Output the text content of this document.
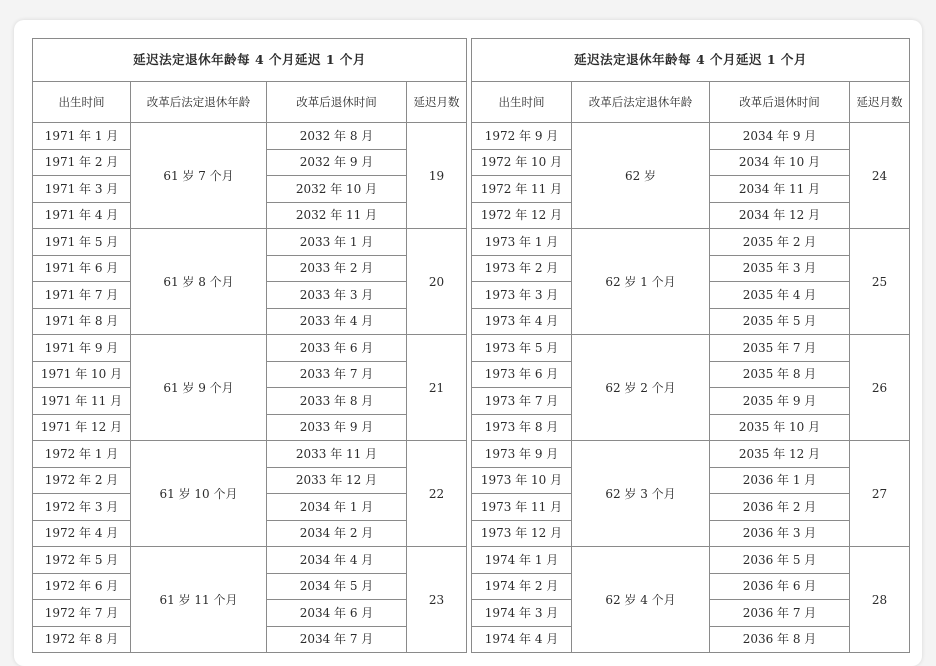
延迟法定退休年龄每 4 个月延迟 1 个月			
出生时间	改革后法定退休年龄	改革后退休时间	延迟月数
1971 年 1 月	61 岁 7 个月	2032 年 8 月	19
1971 年 2 月		2032 年 9 月	
1971 年 3 月		2032 年 10 月	
1971 年 4 月		2032 年 11 月	
1971 年 5 月	61 岁 8 个月	2033 年 1 月	20
1971 年 6 月		2033 年 2 月	
1971 年 7 月		2033 年 3 月	
1971 年 8 月		2033 年 4 月	
1971 年 9 月	61 岁 9 个月	2033 年 6 月	21
1971 年 10 月		2033 年 7 月	
1971 年 11 月		2033 年 8 月	
1971 年 12 月		2033 年 9 月	
1972 年 1 月	61 岁 10 个月	2033 年 11 月	22
1972 年 2 月		2033 年 12 月	
1972 年 3 月		2034 年 1 月	
1972 年 4 月		2034 年 2 月	
1972 年 5 月	61 岁 11 个月	2034 年 4 月	23
1972 年 6 月		2034 年 5 月	
1972 年 7 月		2034 年 6 月	
1972 年 8 月		2034 年 7 月	
延迟法定退休年龄每 4 个月延迟 1 个月			
出生时间	改革后法定退休年龄	改革后退休时间	延迟月数
1972 年 9 月	62 岁	2034 年 9 月	24
1972 年 10 月		2034 年 10 月	
1972 年 11 月		2034 年 11 月	
1972 年 12 月		2034 年 12 月	
1973 年 1 月	62 岁 1 个月	2035 年 2 月	25
1973 年 2 月		2035 年 3 月	
1973 年 3 月		2035 年 4 月	
1973 年 4 月		2035 年 5 月	
1973 年 5 月	62 岁 2 个月	2035 年 7 月	26
1973 年 6 月		2035 年 8 月	
1973 年 7 月		2035 年 9 月	
1973 年 8 月		2035 年 10 月	
1973 年 9 月	62 岁 3 个月	2035 年 12 月	27
1973 年 10 月		2036 年 1 月	
1973 年 11 月		2036 年 2 月	
1973 年 12 月		2036 年 3 月	
1974 年 1 月	62 岁 4 个月	2036 年 5 月	28
1974 年 2 月		2036 年 6 月	
1974 年 3 月		2036 年 7 月	
1974 年 4 月		2036 年 8 月	
